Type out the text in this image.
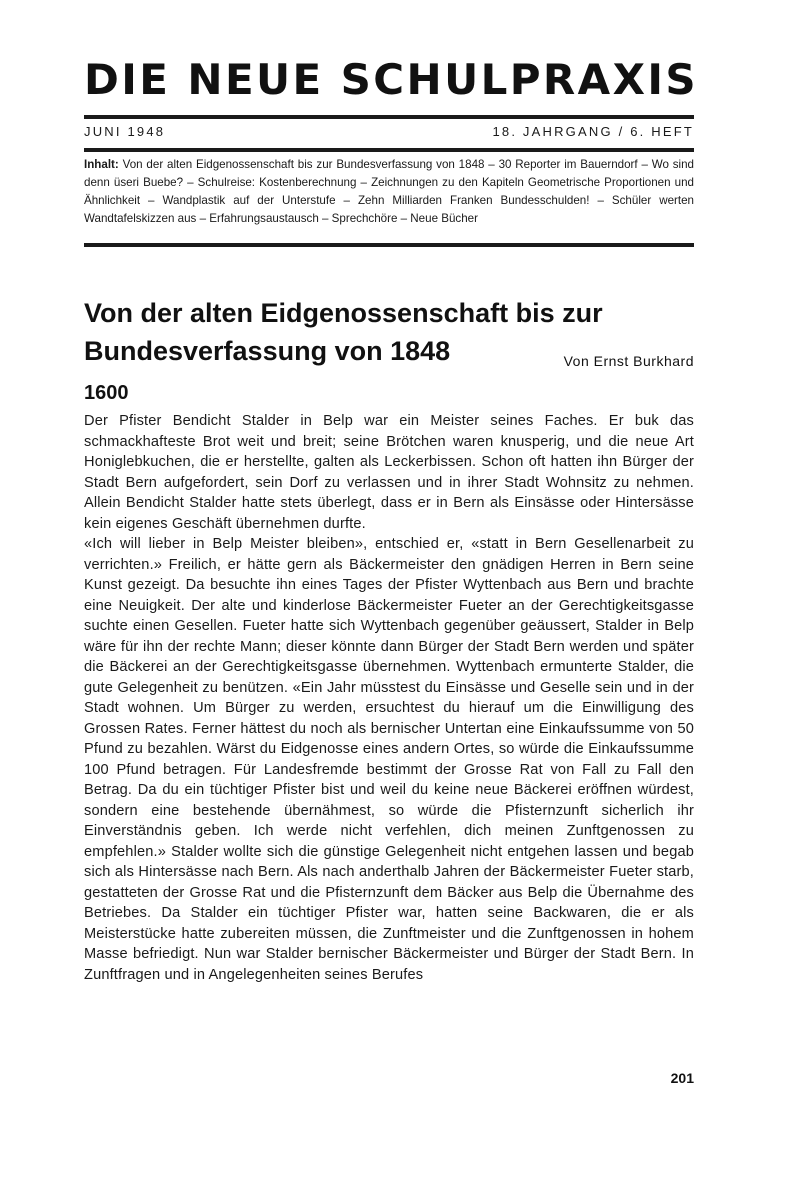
DIE NEUE SCHULPRAXIS
JUNI 1948	18. JAHRGANG / 6. HEFT
Inhalt: Von der alten Eidgenossenschaft bis zur Bundesverfassung von 1848 – 30 Reporter im Bauerndorf – Wo sind denn üseri Buebe? – Schulreise: Kostenberechnung – Zeichnungen zu den Kapiteln Geometrische Proportionen und Ähnlichkeit – Wandplastik auf der Unterstufe – Zehn Milliarden Franken Bundesschulden! – Schüler werten Wandtafelskizzen aus – Erfahrungsaustausch – Sprechchöre – Neue Bücher
Von der alten Eidgenossenschaft bis zur
Bundesverfassung von 1848	Von Ernst Burkhard
1600

Der Pfister Bendicht Stalder in Belp war ein Meister seines Faches. Er buk das schmackhafteste Brot weit und breit; seine Brötchen waren knusperig, und die neue Art Honiglebkuchen, die er herstellte, galten als Leckerbissen. Schon oft hatten ihn Bürger der Stadt Bern aufgefordert, sein Dorf zu verlassen und in ihrer Stadt Wohnsitz zu nehmen. Allein Bendicht Stalder hatte stets überlegt, dass er in Bern als Einsässe oder Hintersässe kein eigenes Geschäft übernehmen durfte.

«Ich will lieber in Belp Meister bleiben», entschied er, «statt in Bern Gesellenarbeit zu verrichten.» Freilich, er hätte gern als Bäckermeister den gnädigen Herren in Bern seine Kunst gezeigt. Da besuchte ihn eines Tages der Pfister Wyttenbach aus Bern und brachte eine Neuigkeit. Der alte und kinderlose Bäckermeister Fueter an der Gerechtigkeitsgasse suchte einen Gesellen. Fueter hatte sich Wyttenbach gegenüber geäussert, Stalder in Belp wäre für ihn der rechte Mann; dieser könnte dann Bürger der Stadt Bern werden und später die Bäckerei an der Gerechtigkeitsgasse übernehmen. Wyttenbach ermunterte Stalder, die gute Gelegenheit zu benützen. «Ein Jahr müsstest du Einsässe und Geselle sein und in der Stadt wohnen. Um Bürger zu werden, ersuchtest du hierauf um die Einwilligung des Grossen Rates. Ferner hättest du noch als bernischer Untertan eine Einkaufssumme von 50 Pfund zu bezahlen. Wärst du Eidgenosse eines andern Ortes, so würde die Einkaufssumme 100 Pfund betragen. Für Landesfremde bestimmt der Grosse Rat von Fall zu Fall den Betrag. Da du ein tüchtiger Pfister bist und weil du keine neue Bäckerei eröffnen würdest, sondern eine bestehende übernähmest, so würde die Pfisternzunft sicherlich ihr Einverständnis geben. Ich werde nicht verfehlen, dich meinen Zunftgenossen zu empfehlen.» Stalder wollte sich die günstige Gelegenheit nicht entgehen lassen und begab sich als Hintersässe nach Bern. Als nach anderthalb Jahren der Bäckermeister Fueter starb, gestatteten der Grosse Rat und die Pfisternzunft dem Bäcker aus Belp die Übernahme des Betriebes. Da Stalder ein tüchtiger Pfister war, hatten seine Backwaren, die er als Meisterstücke hatte zubereiten müssen, die Zunftmeister und die Zunftgenossen in hohem Masse befriedigt. Nun war Stalder bernischer Bäckermeister und Bürger der Stadt Bern. In Zunftfragen und in Angelegenheiten seines Berufes

201
